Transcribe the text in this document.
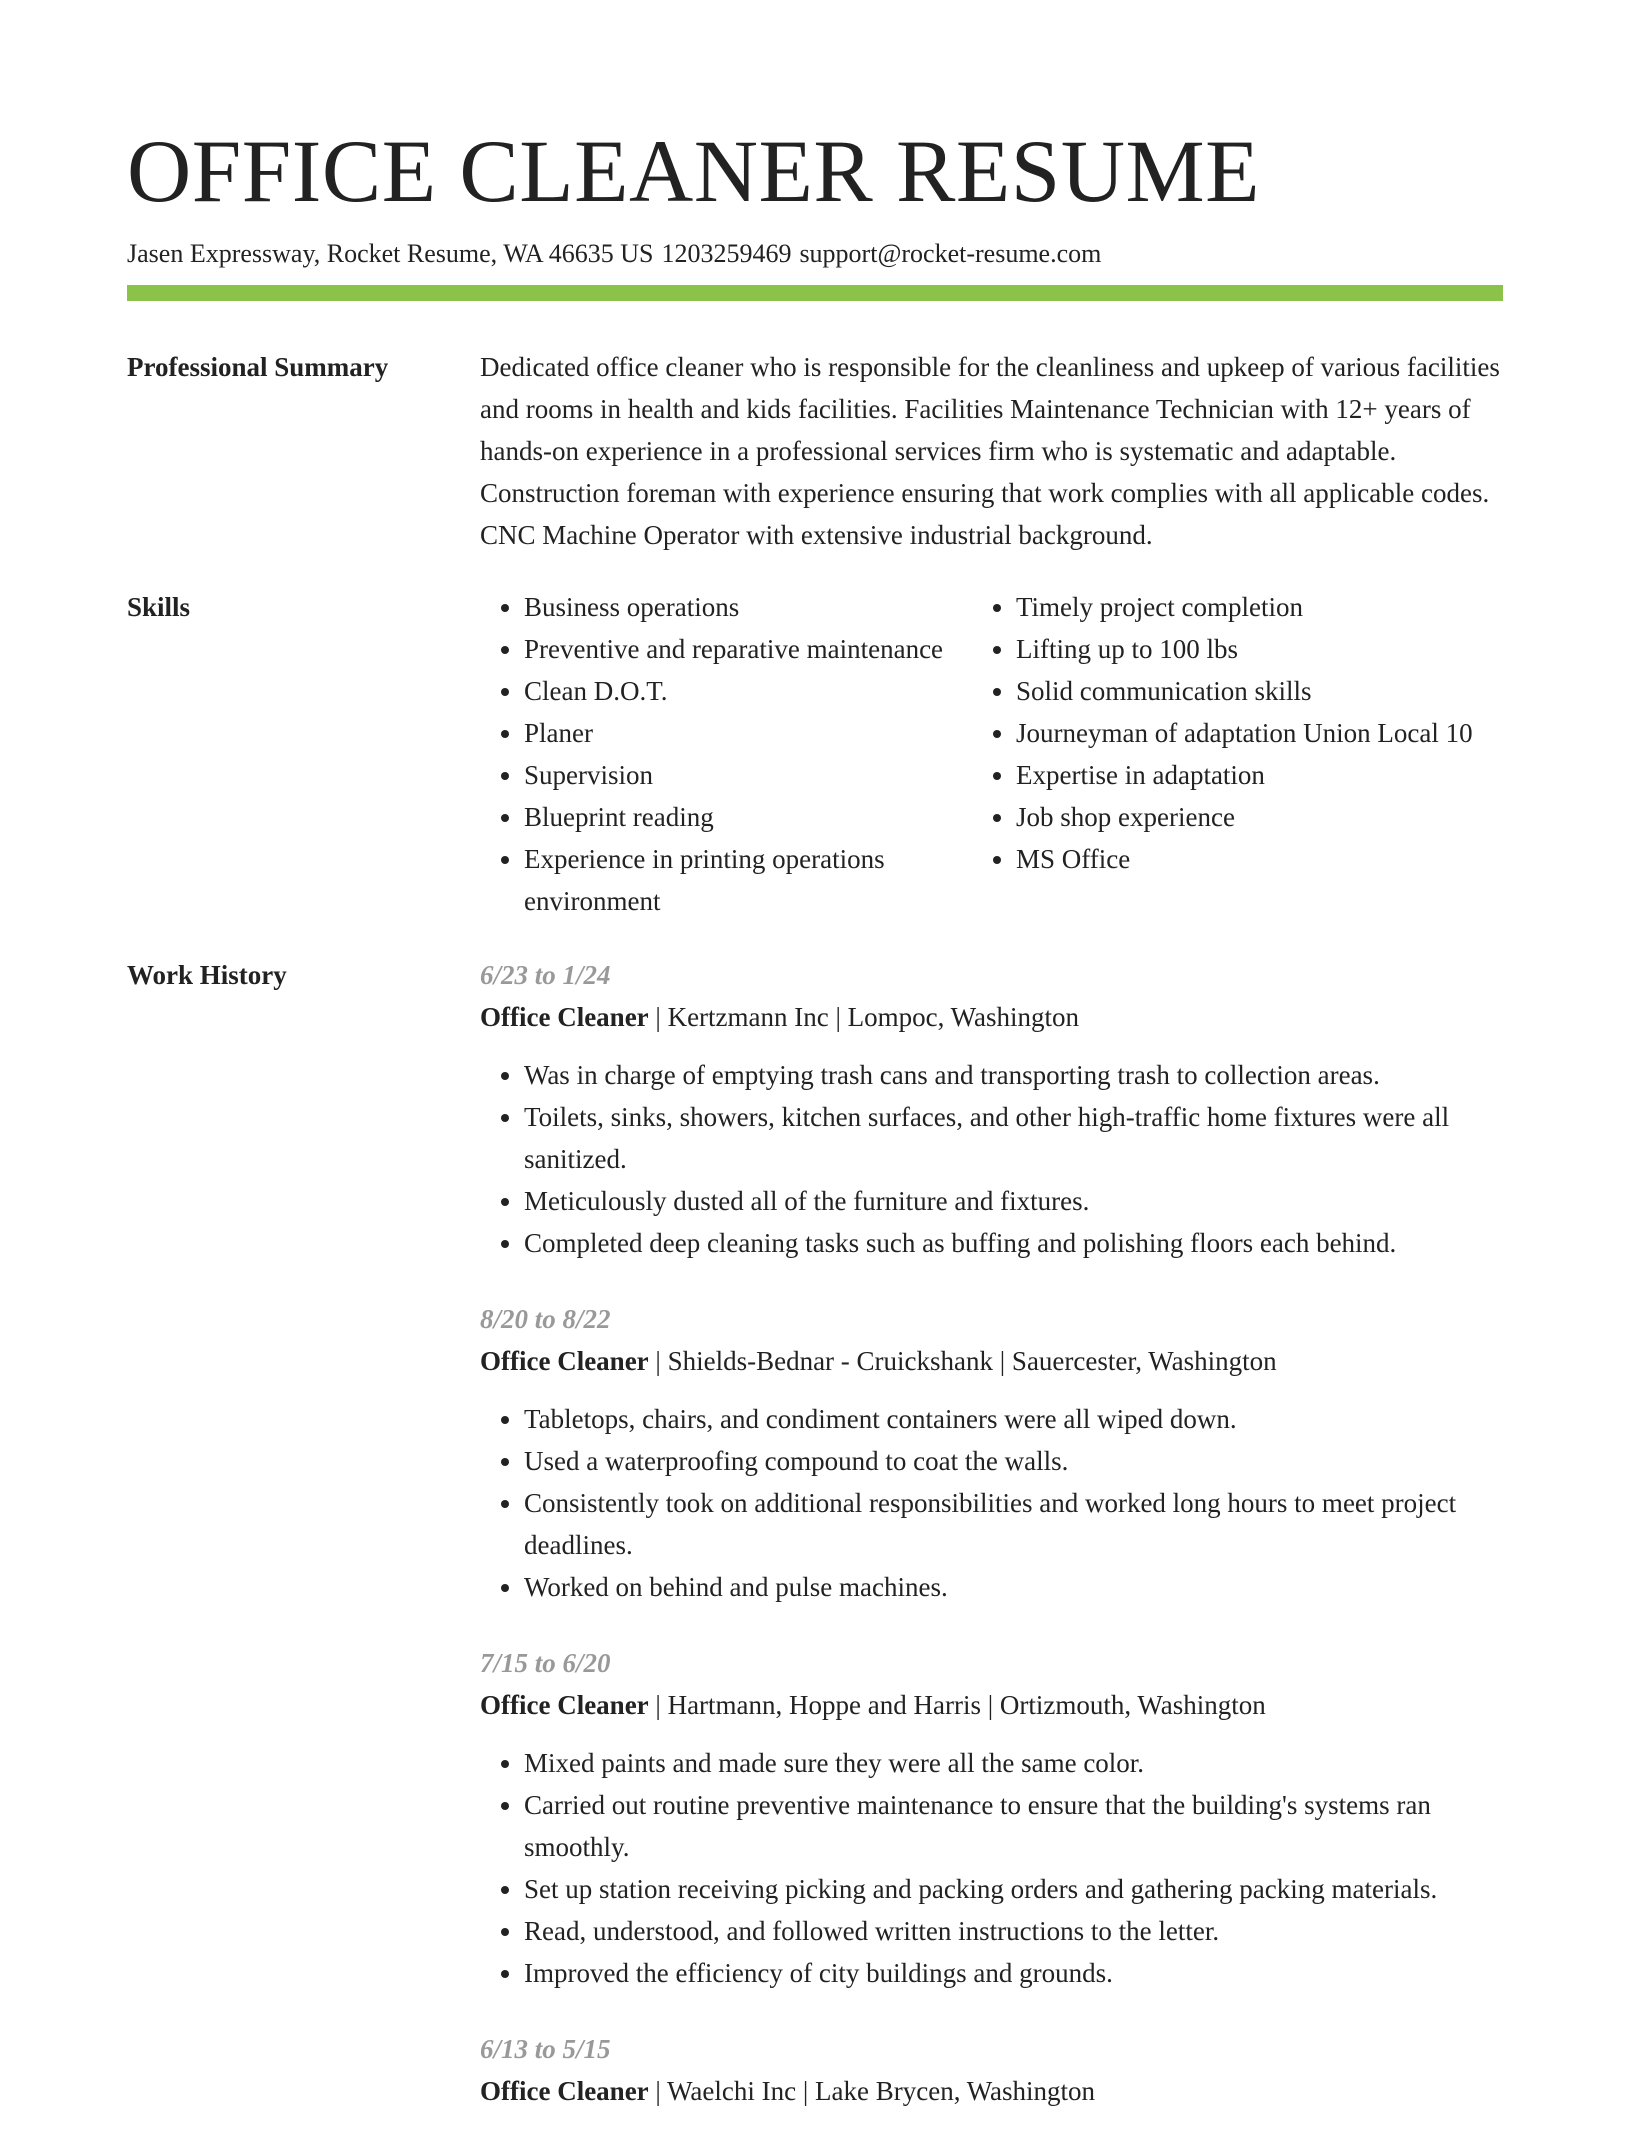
OFFICE CLEANER RESUME
Jasen Expressway, Rocket Resume, WA 46635 US 1203259469 support@rocket-resume.com
Professional Summary	Dedicated office cleaner who is responsible for the cleanliness and upkeep of various facilities and rooms in health and kids facilities. Facilities Maintenance Technician with 12+ years of hands-on experience in a professional services firm who is systematic and adaptable. Construction foreman with experience ensuring that work complies with all applicable codes. CNC Machine Operator with extensive industrial background.

Skills
•	Business operations
• Preventive and reparative maintenance
• Clean D.O.T.
• Planer
• Supervision
• Blueprint reading
• Experience in printing operations environment
• Timely project completion
• Lifting up to 100 lbs
• Solid communication skills
• Journeyman of adaptation Union Local 10
• Expertise in adaptation
• Job shop experience
• MS Office
Work History	6/23 to 1/24
Office Cleaner | Kertzmann Inc | Lompoc, Washington
• Was in charge of emptying trash cans and transporting trash to collection areas.
• Toilets, sinks, showers, kitchen surfaces, and other high-traffic home fixtures were all sanitized.
• Meticulously dusted all of the furniture and fixtures.
• Completed deep cleaning tasks such as buffing and polishing floors each behind.
8/20 to 8/22
Office Cleaner | Shields-Bednar - Cruickshank | Sauercester, Washington
• Tabletops, chairs, and condiment containers were all wiped down.
• Used a waterproofing compound to coat the walls.
• Consistently took on additional responsibilities and worked long hours to meet project deadlines.
• Worked on behind and pulse machines.
7/15 to 6/20
Office Cleaner | Hartmann, Hoppe and Harris | Ortizmouth, Washington
• Mixed paints and made sure they were all the same color.
• Carried out routine preventive maintenance to ensure that the building's systems ran smoothly.
• Set up station receiving picking and packing orders and gathering packing materials.
• Read, understood, and followed written instructions to the letter.
• Improved the efficiency of city buildings and grounds.
6/13 to 5/15
Office Cleaner | Waelchi Inc | Lake Brycen, Washington
